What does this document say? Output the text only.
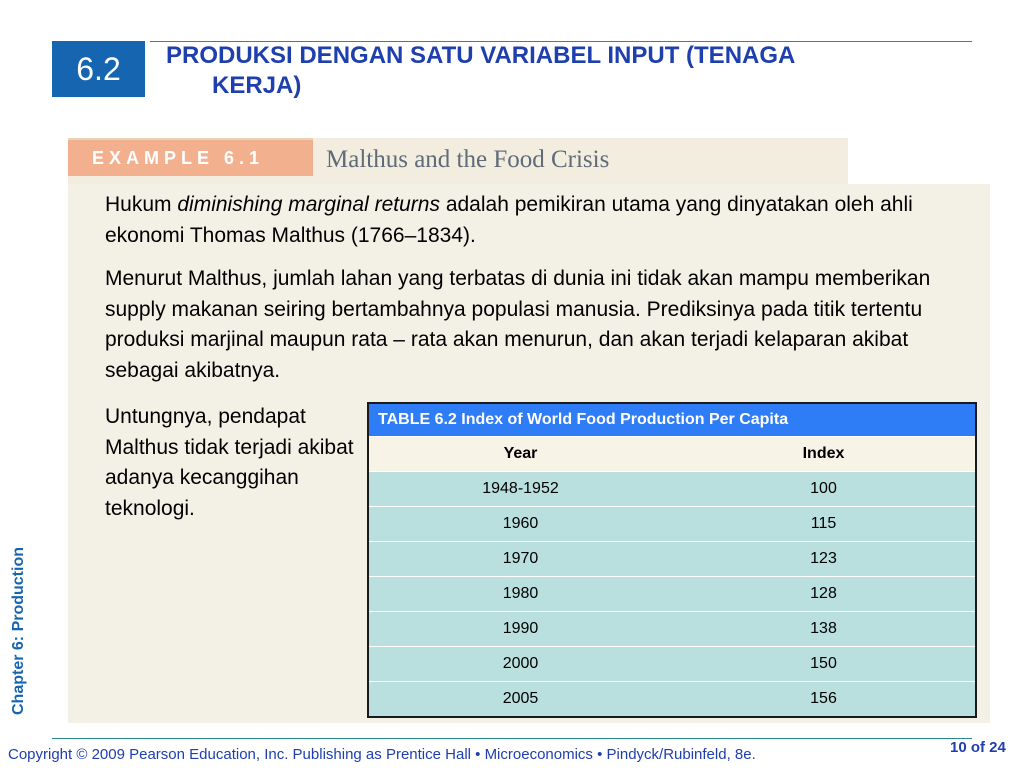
6.2	PRODUKSI DENGAN SATU VARIABEL INPUT (TENAGA
KERJA)
EXAMPLE 6.1	Malthus and the Food Crisis

Hukum diminishing marginal returns adalah pemikiran utama yang dinyatakan oleh ahli ekonomi Thomas Malthus (1766–1834).

Menurut Malthus, jumlah lahan yang terbatas di dunia ini tidak akan mampu memberikan supply makanan seiring bertambahnya populasi manusia. Prediksinya pada titik tertentu produksi marjinal maupun rata – rata akan menurun, dan akan terjadi kelaparan akibat sebagai akibatnya.

Untungnya, pendapat Malthus tidak terjadi akibat adanya kecanggihan teknologi.

TABLE 6.2 Index of World Food Production Per Capita
Year	Index
1948-1952	100
1960	115
1970	123
1980	128
1990	138
2000	150
2005	156
Chapter 6: Production
Copyright © 2009 Pearson Education, Inc. Publishing as Prentice Hall • Microeconomics • Pindyck/Rubinfeld, 8e.	10 of 24
